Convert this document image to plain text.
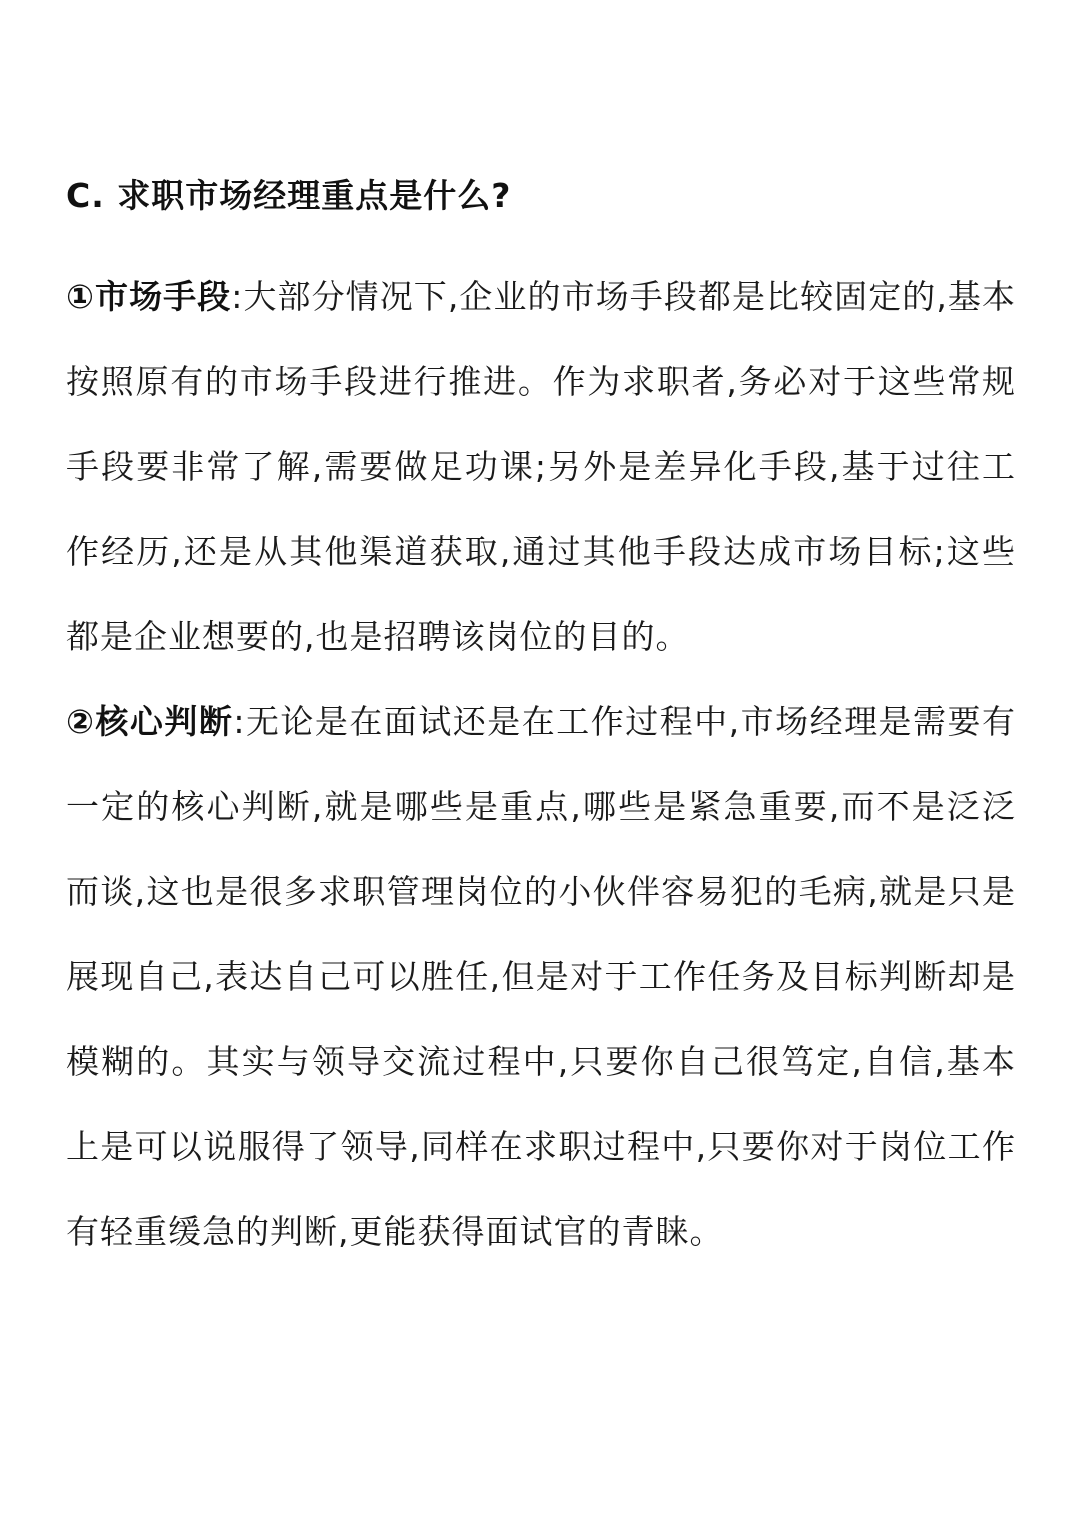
C. 求职市场经理重点是什么?

①市场手段:大部分情况下,企业的市场手段都是比较固定的,基本按照原有的市场手段进行推进。作为求职者,务必对于这些常规手段要非常了解,需要做足功课;另外是差异化手段,基于过往工作经历,还是从其他渠道获取,通过其他手段达成市场目标;这些都是企业想要的,也是招聘该岗位的目的。

②核心判断:无论是在面试还是在工作过程中,市场经理是需要有一定的核心判断,就是哪些是重点,哪些是紧急重要,而不是泛泛而谈,这也是很多求职管理岗位的小伙伴容易犯的毛病,就是只是展现自己,表达自己可以胜任,但是对于工作任务及目标判断却是模糊的。其实与领导交流过程中,只要你自己很笃定,自信,基本上是可以说服得了领导,同样在求职过程中,只要你对于岗位工作有轻重缓急的判断,更能获得面试官的青睐。
